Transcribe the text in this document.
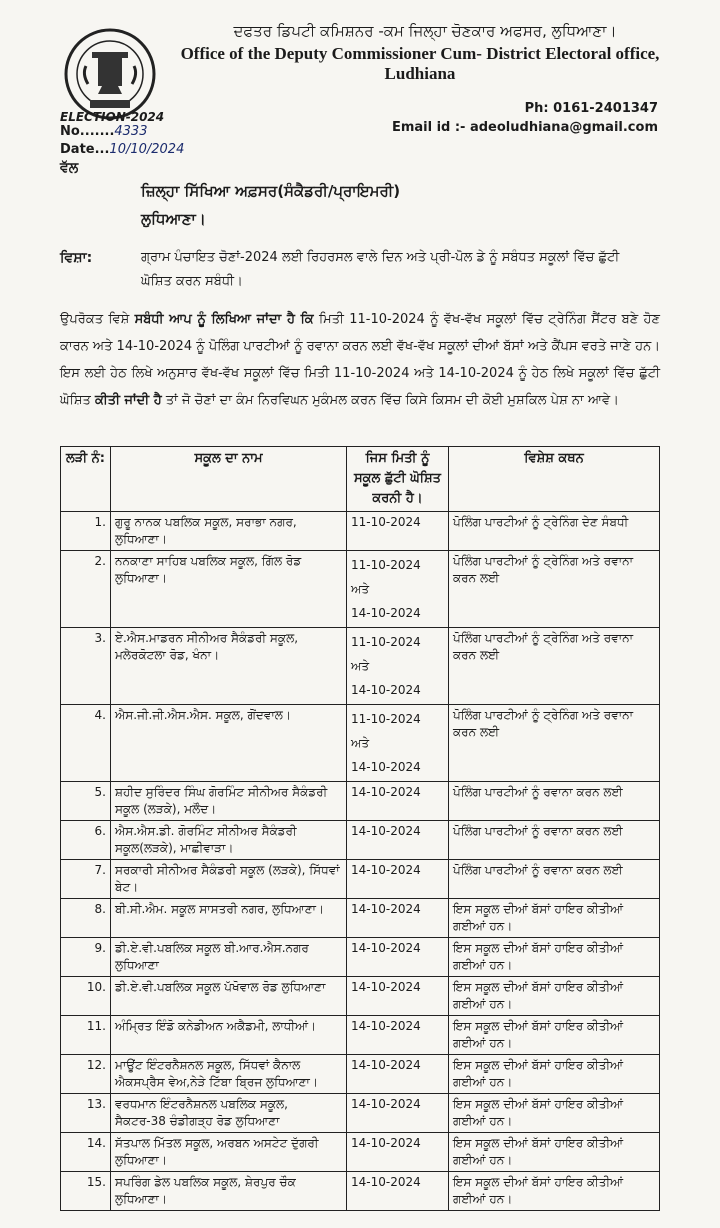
ਦਫਤਰ ਡਿਪਟੀ ਕਮਿਸ਼ਨਰ -ਕਮ ਜਿਲ੍ਹਾ ਚੋਣਕਾਰ ਅਫਸਰ, ਲੁਧਿਆਣਾ।
Office of the Deputy Commissioner Cum- District Electoral office,
Ludhiana
ELECTION-2024
No.......4333
Date...10/10/2024
Ph: 0161-2401347
Email id :- adeoludhiana@gmail.com
ਵੱਲ
ਜ਼ਿਲ੍ਹਾ ਸਿੱਖਿਆ ਅਫ਼ਸਰ(ਸੰਕੈਡਰੀ/ਪ੍ਰਾਇਮਰੀ)
ਲੁਧਿਆਣਾ।
ਵਿਸ਼ਾ:	ਗ੍ਰਾਮ ਪੰਚਾਇਤ ਚੋਣਾਂ-2024 ਲਈ ਰਿਹਰਸਲ ਵਾਲੇ ਦਿਨ ਅਤੇ ਪ੍ਰੀ-ਪੋਲ ਡੇ ਨੂੰ ਸਬੰਧਤ ਸਕੂਲਾਂ ਵਿੱਚ ਛੁੱਟੀ ਘੋਸ਼ਿਤ ਕਰਨ ਸਬੰਧੀ।
ਉਪਰੋਕਤ ਵਿਸ਼ੇ ਸਬੰਧੀ ਆਪ ਨੂੰ ਲਿਖਿਆ ਜਾਂਦਾ ਹੈ ਕਿ ਮਿਤੀ 11-10-2024 ਨੂੰ ਵੱਖ-ਵੱਖ ਸਕੂਲਾਂ ਵਿੱਚ ਟ੍ਰੇਨਿੰਗ ਸੈਂਟਰ ਬਣੇ ਹੋਣ ਕਾਰਨ ਅਤੇ 14-10-2024 ਨੂੰ ਪੋਲਿੰਗ ਪਾਰਟੀਆਂ ਨੂੰ ਰਵਾਨਾ ਕਰਨ ਲਈ ਵੱਖ-ਵੱਖ ਸਕੂਲਾਂ ਦੀਆਂ ਬੱਸਾਂ ਅਤੇ ਕੈਂਪਸ ਵਰਤੇ ਜਾਣੇ ਹਨ। ਇਸ ਲਈ ਹੇਠ ਲਿਖੇ ਅਨੁਸਾਰ ਵੱਖ-ਵੱਖ ਸਕੂਲਾਂ ਵਿੱਚ ਮਿਤੀ 11-10-2024 ਅਤੇ 14-10-2024 ਨੂੰ ਹੇਠ ਲਿਖੇ ਸਕੂਲਾਂ ਵਿੱਚ ਛੁੱਟੀ ਘੋਸ਼ਿਤ ਕੀਤੀ ਜਾਂਦੀ ਹੈ ਤਾਂ ਜੋ ਚੋਣਾਂ ਦਾ ਕੰਮ ਨਿਰਵਿਘਨ ਮੁਕੰਮਲ ਕਰਨ ਵਿੱਚ ਕਿਸੇ ਕਿਸਮ ਦੀ ਕੋਈ ਮੁਸ਼ਕਿਲ ਪੇਸ਼ ਨਾ ਆਵੇ।
ਲੜੀ ਨੰ:	ਸਕੂਲ ਦਾ ਨਾਮ	ਜਿਸ ਮਿਤੀ ਨੂੰ ਸਕੂਲ ਛੁੱਟੀ ਘੋਸ਼ਿਤ ਕਰਨੀ ਹੈ।	ਵਿਸ਼ੇਸ਼ ਕਥਨ
1.	ਗੁਰੂ ਨਾਨਕ ਪਬਲਿਕ ਸਕੂਲ, ਸਰਾਭਾ ਨਗਰ, ਲੁਧਿਆਣਾ।	11-10-2024	ਪੋਲਿੰਗ ਪਾਰਟੀਆਂ ਨੂੰ ਟ੍ਰੇਨਿੰਗ ਦੇਣ ਸੰਬਧੀ
2.	ਨਨਕਾਣਾ ਸਾਹਿਬ ਪਬਲਿਕ ਸਕੂਲ, ਗਿੱਲ ਰੋਡ ਲੁਧਿਆਣਾ।	11-10-2024
ਅਤੇ
14-10-2024	ਪੋਲਿੰਗ ਪਾਰਟੀਆਂ ਨੂੰ ਟ੍ਰੇਨਿੰਗ ਅਤੇ ਰਵਾਨਾ ਕਰਨ ਲਈ
3.	ਏ.ਐਸ.ਮਾਡਰਨ ਸੀਨੀਅਰ ਸੈਕੰਡਰੀ ਸਕੂਲ, ਮਲੇਰਕੋਟਲਾ ਰੋਡ, ਖੰਨਾ।	11-10-2024
ਅਤੇ
14-10-2024	ਪੋਲਿੰਗ ਪਾਰਟੀਆਂ ਨੂੰ ਟ੍ਰੇਨਿੰਗ ਅਤੇ ਰਵਾਨਾ ਕਰਨ ਲਈ
4.	ਐਸ.ਜੀ.ਜੀ.ਐਸ.ਐਸ. ਸਕੂਲ, ਗੋਂਦਵਾਲ।	11-10-2024
ਅਤੇ
14-10-2024	ਪੋਲਿੰਗ ਪਾਰਟੀਆਂ ਨੂੰ ਟ੍ਰੇਨਿੰਗ ਅਤੇ ਰਵਾਨਾ ਕਰਨ ਲਈ
5.	ਸ਼ਹੀਦ ਸੁਰਿੰਦਰ ਸਿੰਘ ਗੋਰਮਿੰਟ ਸੀਨੀਅਰ ਸੈਕੰਡਰੀ ਸਕੂਲ (ਲੜਕੇ), ਮਲੌਦ।	14-10-2024	ਪੋਲਿੰਗ ਪਾਰਟੀਆਂ ਨੂੰ ਰਵਾਨਾ ਕਰਨ ਲਈ
6.	ਐਸ.ਐਸ.ਡੀ. ਗੋਰਮਿੰਟ ਸੀਨੀਅਰ ਸੈਕੰਡਰੀ ਸਕੂਲ(ਲੜਕੇ), ਮਾਛੀਵਾੜਾ।	14-10-2024	ਪੋਲਿੰਗ ਪਾਰਟੀਆਂ ਨੂੰ ਰਵਾਨਾ ਕਰਨ ਲਈ
7.	ਸਰਕਾਰੀ ਸੀਨੀਅਰ ਸੈਕੰਡਰੀ ਸਕੂਲ (ਲੜਕੇ), ਸਿੱਧਵਾਂ ਬੇਟ।	14-10-2024	ਪੋਲਿੰਗ ਪਾਰਟੀਆਂ ਨੂੰ ਰਵਾਨਾ ਕਰਨ ਲਈ
8.	ਬੀ.ਸੀ.ਐਮ. ਸਕੂਲ ਸਾਸਤਰੀ ਨਗਰ, ਲੁਧਿਆਣਾ।	14-10-2024	ਇਸ ਸਕੂਲ ਦੀਆਂ ਬੱਸਾਂ ਹਾਇਰ ਕੀਤੀਆਂ ਗਈਆਂ ਹਨ।
9.	ਡੀ.ਏ.ਵੀ.ਪਬਲਿਕ ਸਕੂਲ ਬੀ.ਆਰ.ਐਸ.ਨਗਰ ਲੁਧਿਆਣਾ	14-10-2024	ਇਸ ਸਕੂਲ ਦੀਆਂ ਬੱਸਾਂ ਹਾਇਰ ਕੀਤੀਆਂ ਗਈਆਂ ਹਨ।
10.	ਡੀ.ਏ.ਵੀ.ਪਬਲਿਕ ਸਕੂਲ ਪੱਖੋਵਾਲ ਰੋਡ ਲੁਧਿਆਣਾ	14-10-2024	ਇਸ ਸਕੂਲ ਦੀਆਂ ਬੱਸਾਂ ਹਾਇਰ ਕੀਤੀਆਂ ਗਈਆਂ ਹਨ।
11.	ਅੰਮ੍ਰਿਤ ਇੰਡੋ ਕਨੇਡੀਅਨ ਅਕੈਡਮੀ, ਲਾਧੀਆਂ।	14-10-2024	ਇਸ ਸਕੂਲ ਦੀਆਂ ਬੱਸਾਂ ਹਾਇਰ ਕੀਤੀਆਂ ਗਈਆਂ ਹਨ।
12.	ਮਾਊਂਟ ਇੰਟਰਨੈਸ਼ਨਲ ਸਕੂਲ, ਸਿੱਧਵਾਂ ਕੈਨਾਲ ਐਕਸਪ੍ਰੈਸ ਵੇਅ,ਨੇੜੇ ਟਿੱਬਾ ਬ੍ਰਿਜ ਲੁਧਿਆਣਾ।	14-10-2024	ਇਸ ਸਕੂਲ ਦੀਆਂ ਬੱਸਾਂ ਹਾਇਰ ਕੀਤੀਆਂ ਗਈਆਂ ਹਨ।
13.	ਵਰਧਮਾਨ ਇੰਟਰਨੈਸ਼ਨਲ ਪਬਲਿਕ ਸਕੂਲ, ਸੈਕਟਰ-38 ਚੰਡੀਗੜ੍ਹ ਰੋਡ ਲੁਧਿਆਣਾ	14-10-2024	ਇਸ ਸਕੂਲ ਦੀਆਂ ਬੱਸਾਂ ਹਾਇਰ ਕੀਤੀਆਂ ਗਈਆਂ ਹਨ।
14.	ਸੱਤਪਾਲ ਮਿੱਤਲ ਸਕੂਲ, ਅਰਬਨ ਅਸਟੇਟ ਦੁੱਗਰੀ ਲੁਧਿਆਣਾ।	14-10-2024	ਇਸ ਸਕੂਲ ਦੀਆਂ ਬੱਸਾਂ ਹਾਇਰ ਕੀਤੀਆਂ ਗਈਆਂ ਹਨ।
15.	ਸਪਰਿੰਗ ਡੇਲ ਪਬਲਿਕ ਸਕੂਲ, ਸ਼ੇਰਪੁਰ ਚੌਕ ਲੁਧਿਆਣਾ।	14-10-2024	ਇਸ ਸਕੂਲ ਦੀਆਂ ਬੱਸਾਂ ਹਾਇਰ ਕੀਤੀਆਂ ਗਈਆਂ ਹਨ।
